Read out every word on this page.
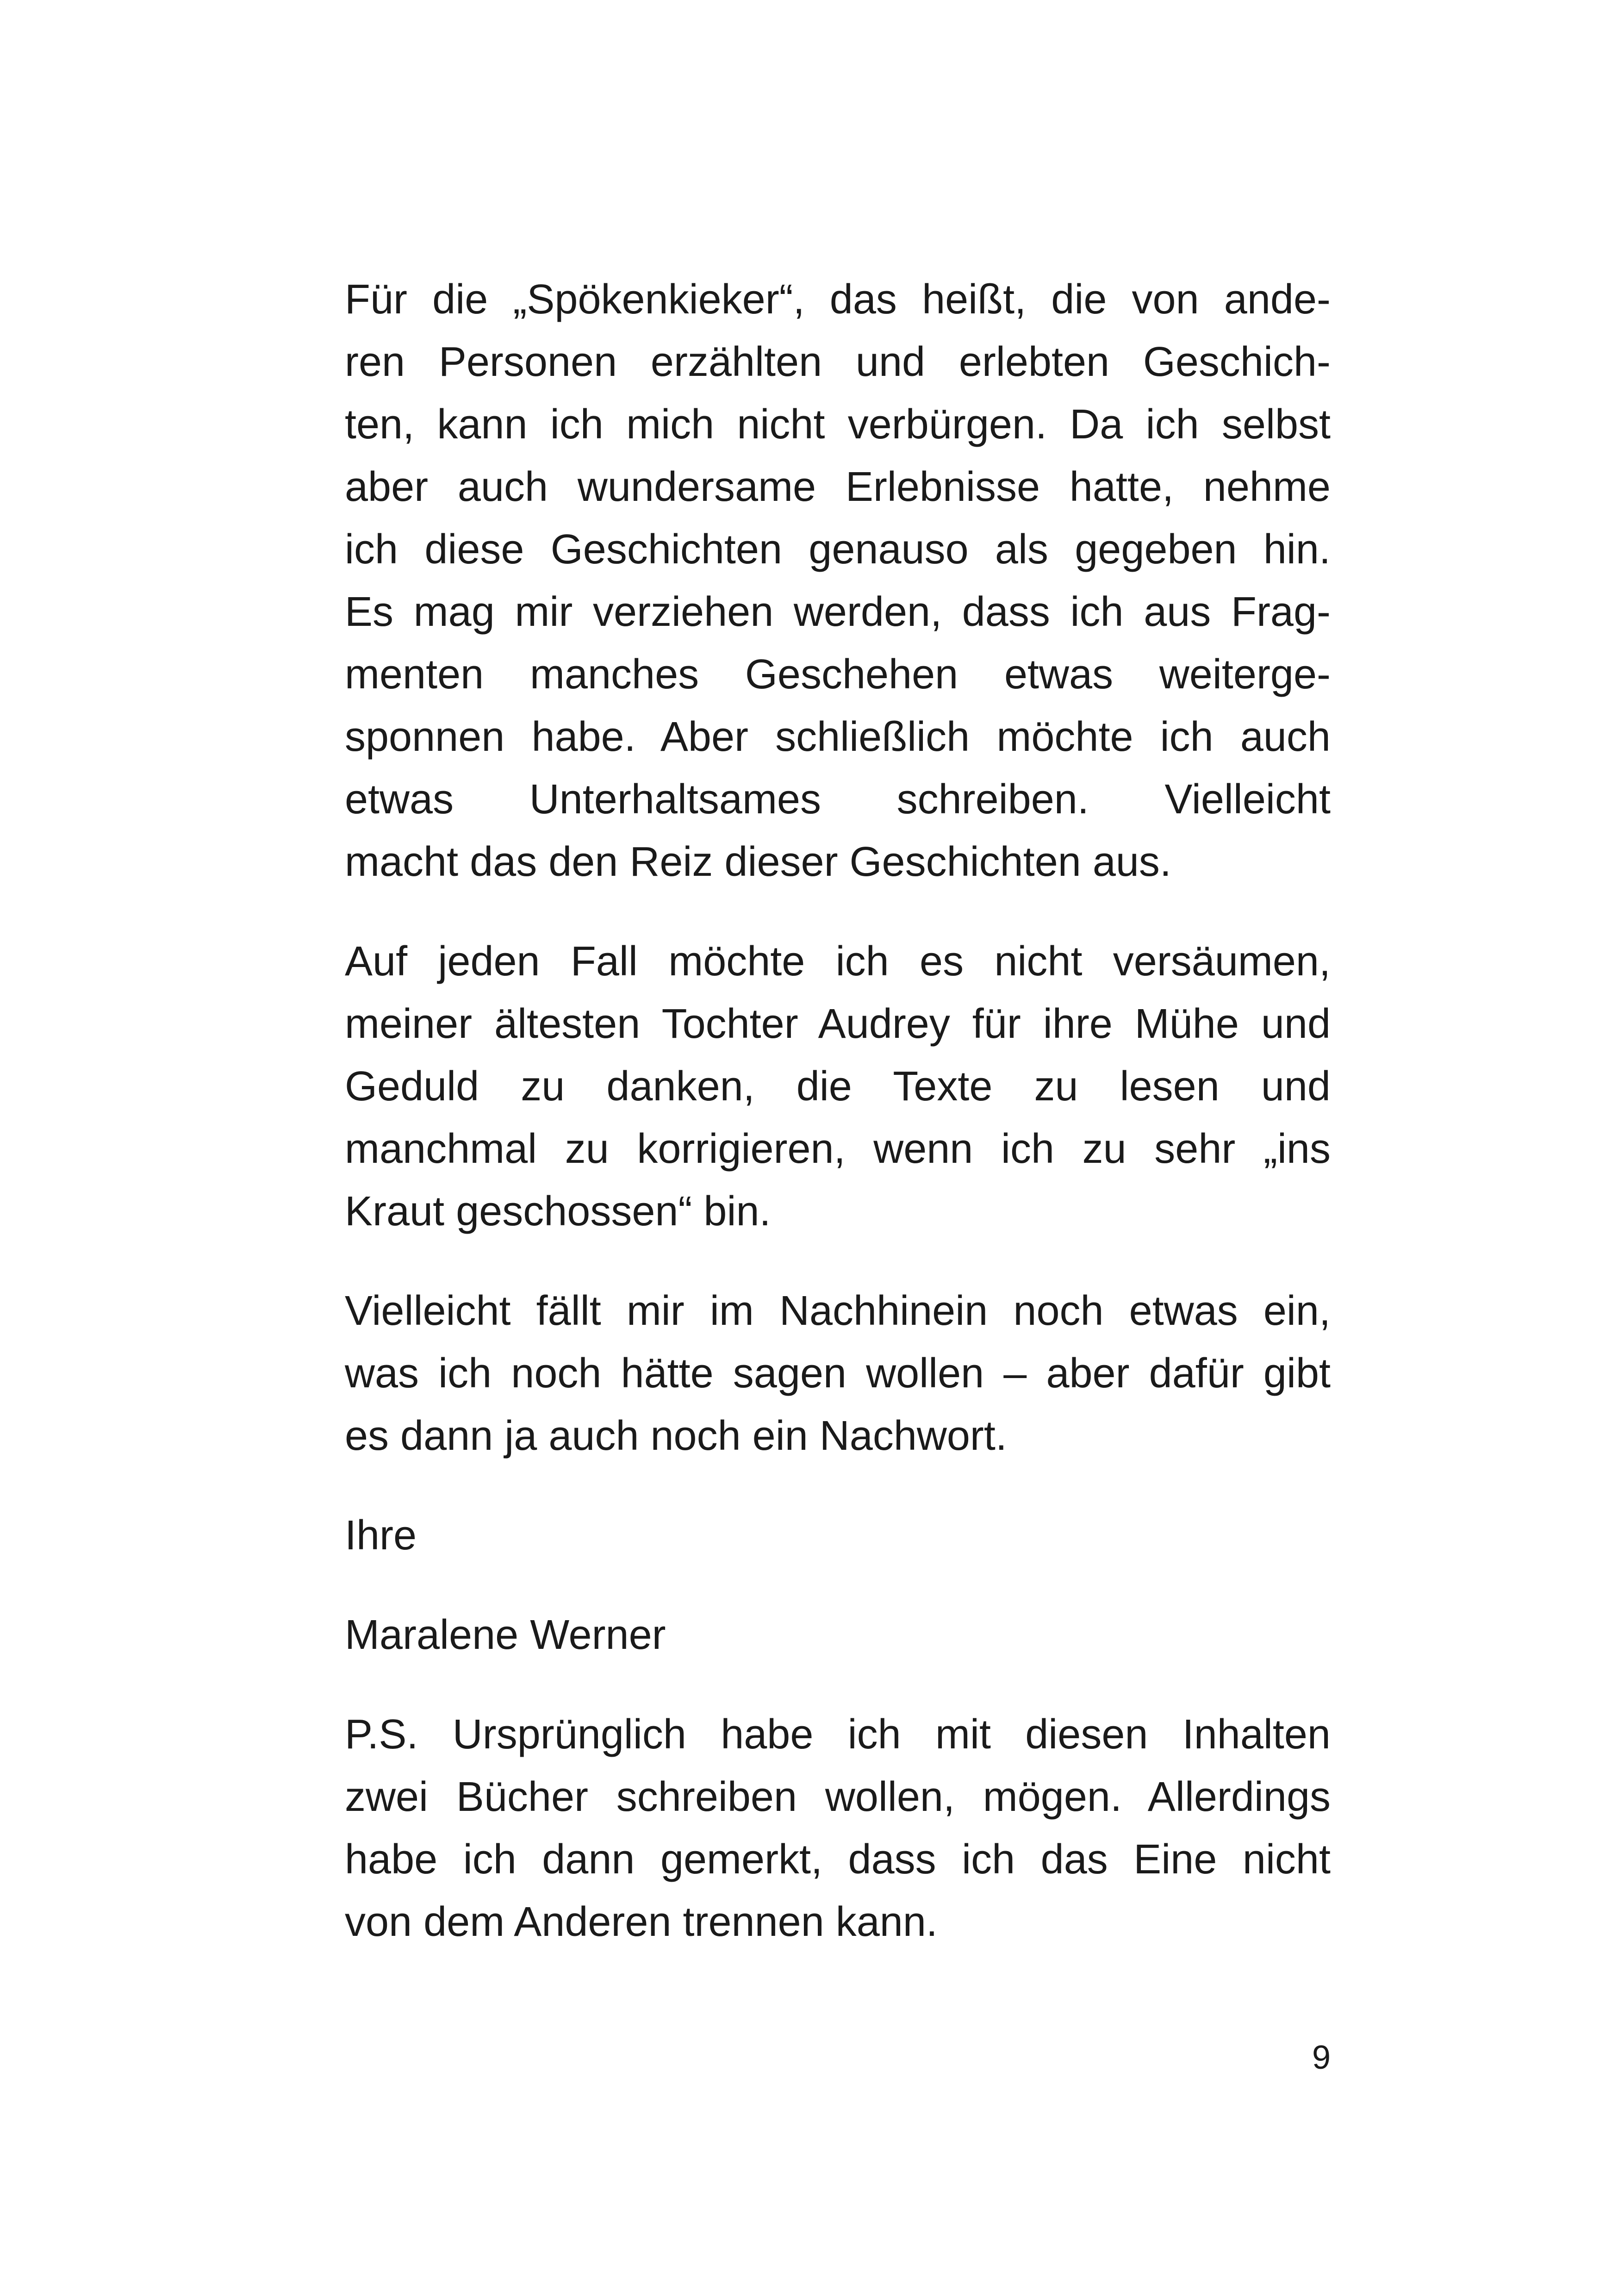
Für die „Spökenkieker“, das heißt, die von ande-
ren Personen erzählten und erlebten Geschich-
ten, kann ich mich nicht verbürgen. Da ich selbst
aber auch wundersame Erlebnisse hatte, nehme
ich diese Geschichten genauso als gegeben hin.
Es mag mir verziehen werden, dass ich aus Frag-
menten manches Geschehen etwas weiterge-
sponnen habe. Aber schließlich möchte ich auch
etwas Unterhaltsames schreiben. Vielleicht
macht das den Reiz dieser Geschichten aus.

Auf jeden Fall möchte ich es nicht versäumen,
meiner ältesten Tochter Audrey für ihre Mühe und
Geduld zu danken, die Texte zu lesen und
manchmal zu korrigieren, wenn ich zu sehr „ins
Kraut geschossen“ bin.

Vielleicht fällt mir im Nachhinein noch etwas ein,
was ich noch hätte sagen wollen – aber dafür gibt
es dann ja auch noch ein Nachwort.

Ihre

Maralene Werner

P.S. Ursprünglich habe ich mit diesen Inhalten
zwei Bücher schreiben wollen, mögen. Allerdings
habe ich dann gemerkt, dass ich das Eine nicht
von dem Anderen trennen kann.

9
